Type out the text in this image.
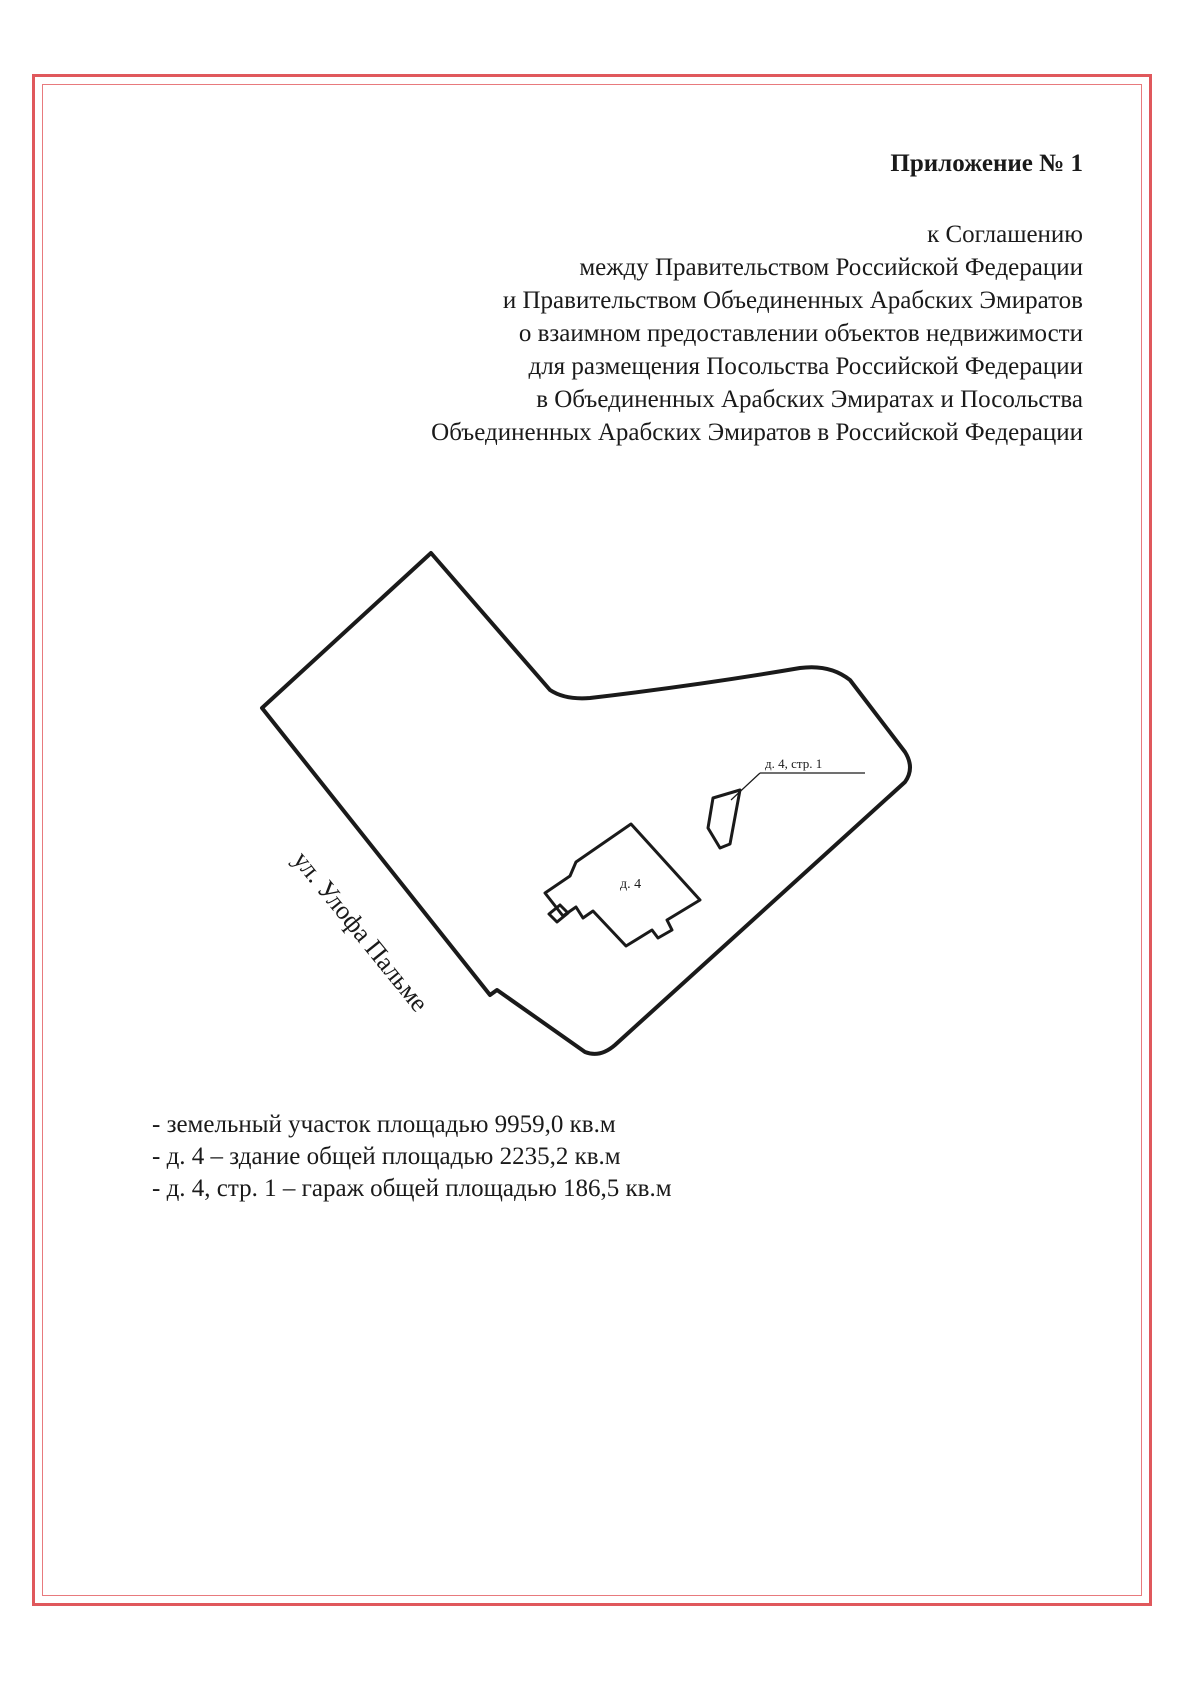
Приложение № 1
к Соглашению
между Правительством Российской Федерации
и Правительством Объединенных Арабских Эмиратов
о взаимном предоставлении объектов недвижимости
для размещения Посольства Российской Федерации
в Объединенных Арабских Эмиратах и Посольства
Объединенных Арабских Эмиратов в Российской Федерации
д. 4
д. 4, стр. 1
ул. Улофа Пальме
- земельный участок площадью 9959,0 кв.м
- д. 4 – здание общей площадью 2235,2 кв.м
- д. 4, стр. 1 – гараж общей площадью 186,5 кв.м
